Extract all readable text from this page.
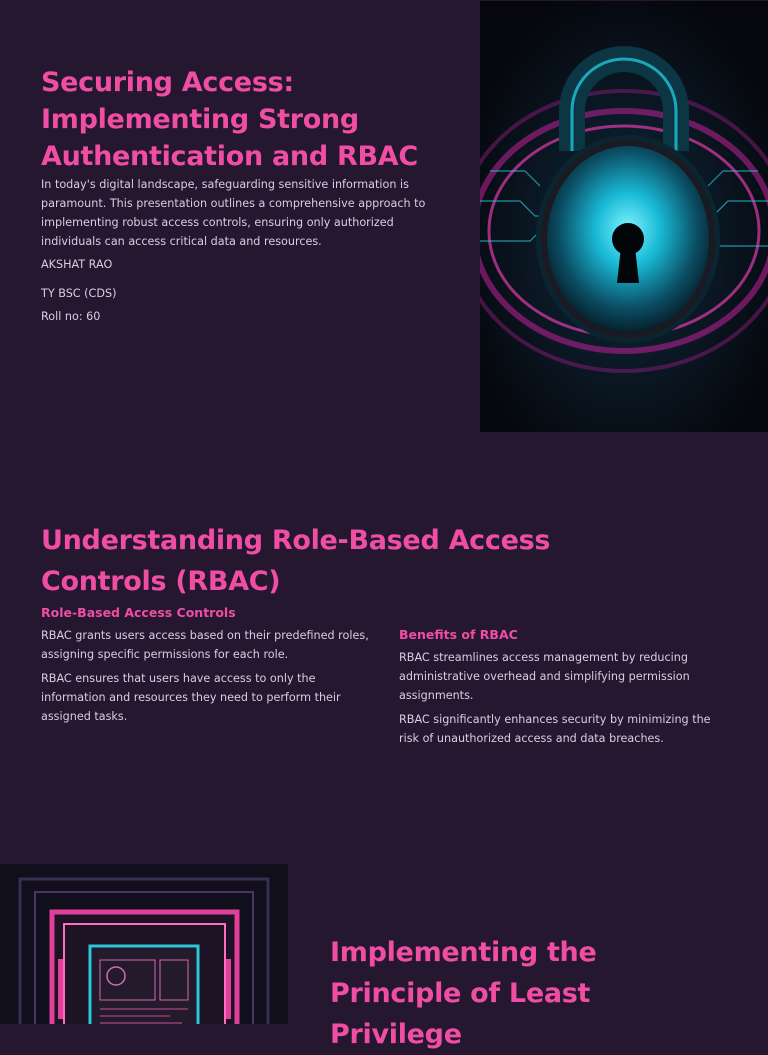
Securing Access: Implementing Strong Authentication and RBAC

In today's digital landscape, safeguarding sensitive information is paramount. This presentation outlines a comprehensive approach to implementing robust access controls, ensuring only authorized individuals can access critical data and resources.

AKSHAT RAO

TY BSC (CDS)

Roll no: 60

Understanding Role-Based Access Controls (RBAC)
Role-Based Access Controls

RBAC grants users access based on their predefined roles, assigning specific permissions for each role.

RBAC ensures that users have access to only the information and resources they need to perform their assigned tasks.

Benefits of RBAC

RBAC streamlines access management by reducing administrative overhead and simplifying permission assignments.

RBAC significantly enhances security by minimizing the risk of unauthorized access and data breaches.

Implementing the Principle of Least Privilege
